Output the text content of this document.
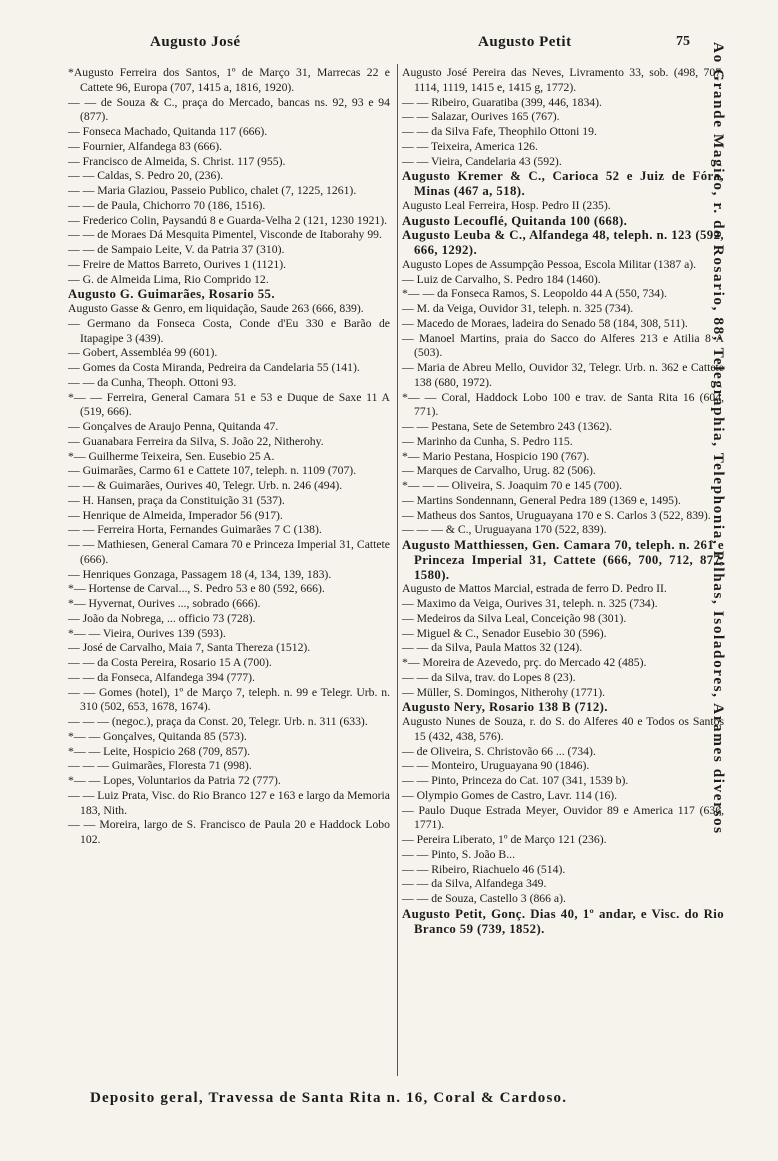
Augusto José	Augusto Petit	75

*Augusto Ferreira dos Santos, 1º de Março 31, Marrecas 22 e Cattete 96, Europa (707, 1415 a, 1816, 1920).

— — de Souza & C., praça do Mercado, bancas ns. 92, 93 e 94 (877).

— Fonseca Machado, Quitanda 117 (666).

— Fournier, Alfandega 83 (666).

— Francisco de Almeida, S. Christ. 117 (955).

— — Caldas, S. Pedro 20, (236).

— — Maria Glaziou, Passeio Publico, chalet (7, 1225, 1261).

— — de Paula, Chichorro 70 (186, 1516).

— Frederico Colin, Paysandú 8 e Guarda-Velha 2 (121, 1230 1921).

— — de Moraes Dá Mesquita Pimentel, Visconde de Itaborahy 99.

— — de Sampaio Leite, V. da Patria 37 (310).

— Freire de Mattos Barreto, Ourives 1 (1121).

— G. de Almeida Lima, Rio Comprido 12.

Augusto G. Guimarães, Rosario 55.

Augusto Gasse & Genro, em liquidação, Saude 263 (666, 839).

— Germano da Fonseca Costa, Conde d'Eu 330 e Barão de Itapagipe 3 (439).

— Gobert, Assembléa 99 (601).

— Gomes da Costa Miranda, Pedreira da Candelaria 55 (141).

— — da Cunha, Theoph. Ottoni 93.

*— — Ferreira, General Camara 51 e 53 e Duque de Saxe 11 A (519, 666).

— Gonçalves de Araujo Penna, Quitanda 47.

— Guanabara Ferreira da Silva, S. João 22, Nitherohy.

*— Guilherme Teixeira, Sen. Eusebio 25 A.

— Guimarães, Carmo 61 e Cattete 107, teleph. n. 1109 (707).

— — & Guimarães, Ourives 40, Telegr. Urb. n. 246 (494).

— H. Hansen, praça da Constituição 31 (537).

— Henrique de Almeida, Imperador 56 (917).

— — Ferreira Horta, Fernandes Guimarães 7 C (138).

— — Mathiesen, General Camara 70 e Princeza Imperial 31, Cattete (666).

— Henriques Gonzaga, Passagem 18 (4, 134, 139, 183).

*— Hortense de Carval..., S. Pedro 53 e 80 (592, 666).

*— Hyvernat, Ourives ..., sobrado (666).

— João da Nobrega, ... officio 73 (728).

*— — Vieira, Ourives 139 (593).

— José de Carvalho, Maia 7, Santa Thereza (1512).

— — da Costa Pereira, Rosario 15 A (700).

— — da Fonseca, Alfandega 394 (777).

— — Gomes (hotel), 1º de Março 7, teleph. n. 99 e Telegr. Urb. n. 310 (502, 653, 1678, 1674).

— — — (negoc.), praça da Const. 20, Telegr. Urb. n. 311 (633).

*— — Gonçalves, Quitanda 85 (573).

*— — Leite, Hospicio 268 (709, 857).

— — — Guimarães, Floresta 71 (998).

*— — Lopes, Voluntarios da Patria 72 (777).

— — Luiz Prata, Visc. do Rio Branco 127 e 163 e largo da Memoria 183, Nith.

— — Moreira, largo de S. Francisco de Paula 20 e Haddock Lobo 102.

Augusto José Pereira das Neves, Livramento 33, sob. (498, 707, 1114, 1119, 1415 e, 1415 g, 1772).

— — Ribeiro, Guaratiba (399, 446, 1834).

— — Salazar, Ourives 165 (767).

— — da Silva Fafe, Theophilo Ottoni 19.

— — Teixeira, America 126.

— — Vieira, Candelaria 43 (592).

Augusto Kremer & C., Carioca 52 e Juiz de Fóra, Minas (467 a, 518).

Augusto Leal Ferreira, Hosp. Pedro II (235).

Augusto Lecouflé, Quitanda 100 (668).

Augusto Leuba & C., Alfandega 48, teleph. n. 123 (592, 666, 1292).

Augusto Lopes de Assumpção Pessoa, Escola Militar (1387 a).

— Luiz de Carvalho, S. Pedro 184 (1460).

*— — da Fonseca Ramos, S. Leopoldo 44 A (550, 734).

— M. da Veiga, Ouvidor 31, teleph. n. 325 (734).

— Macedo de Moraes, ladeira do Senado 58 (184, 308, 511).

— Manoel Martins, praia do Sacco do Alferes 213 e Atilia 8 A (503).

— Maria de Abreu Mello, Ouvidor 32, Telegr. Urb. n. 362 e Cattete 138 (680, 1972).

*— — Coral, Haddock Lobo 100 e trav. de Santa Rita 16 (604, 771).

— — Pestana, Sete de Setembro 243 (1362).

— Marinho da Cunha, S. Pedro 115.

*— Mario Pestana, Hospicio 190 (767).

— Marques de Carvalho, Urug. 82 (506).

*— — — Oliveira, S. Joaquim 70 e 145 (700).

— Martins Sondennann, General Pedra 189 (1369 e, 1495).

— Matheus dos Santos, Uruguayana 170 e S. Carlos 3 (522, 839).

— — — & C., Uruguayana 170 (522, 839).

Augusto Matthiessen, Gen. Camara 70, teleph. n. 261 e Princeza Imperial 31, Cattete (666, 700, 712, 877, 1580).

Augusto de Mattos Marcial, estrada de ferro D. Pedro II.

— Maximo da Veiga, Ourives 31, teleph. n. 325 (734).

— Medeiros da Silva Leal, Conceição 98 (301).

— Miguel & C., Senador Eusebio 30 (596).

— — da Silva, Paula Mattos 32 (124).

*— Moreira de Azevedo, prç. do Mercado 42 (485).

— — da Silva, trav. do Lopes 8 (23).

— Müller, S. Domingos, Nitherohy (1771).

Augusto Nery, Rosario 138 B (712).

Augusto Nunes de Souza, r. do S. do Alferes 40 e Todos os Santos 15 (432, 438, 576).

— de Oliveira, S. Christovão 66 ... (734).

— — Monteiro, Uruguayana 90 (1846).

— — Pinto, Princeza do Cat. 107 (341, 1539 b).

— Olympio Gomes de Castro, Lavr. 114 (16).

— Paulo Duque Estrada Meyer, Ouvidor 89 e America 117 (636, 1771).

— Pereira Liberato, 1º de Março 121 (236).

— — Pinto, S. João B...

— — Ribeiro, Riachuelo 46 (514).

— — da Silva, Alfandega 349.

— — de Souza, Castello 3 (866 a).

Augusto Petit, Gonç. Dias 40, 1º andar, e Visc. do Rio Branco 59 (739, 1852).

Ao Grande Magico, r. do Rosario, 88; Telegraphia, Telephonia, Pilhas, Isoladores, Arames diversos
Deposito geral, Travessa de Santa Rita n. 16, Coral & Cardoso.
